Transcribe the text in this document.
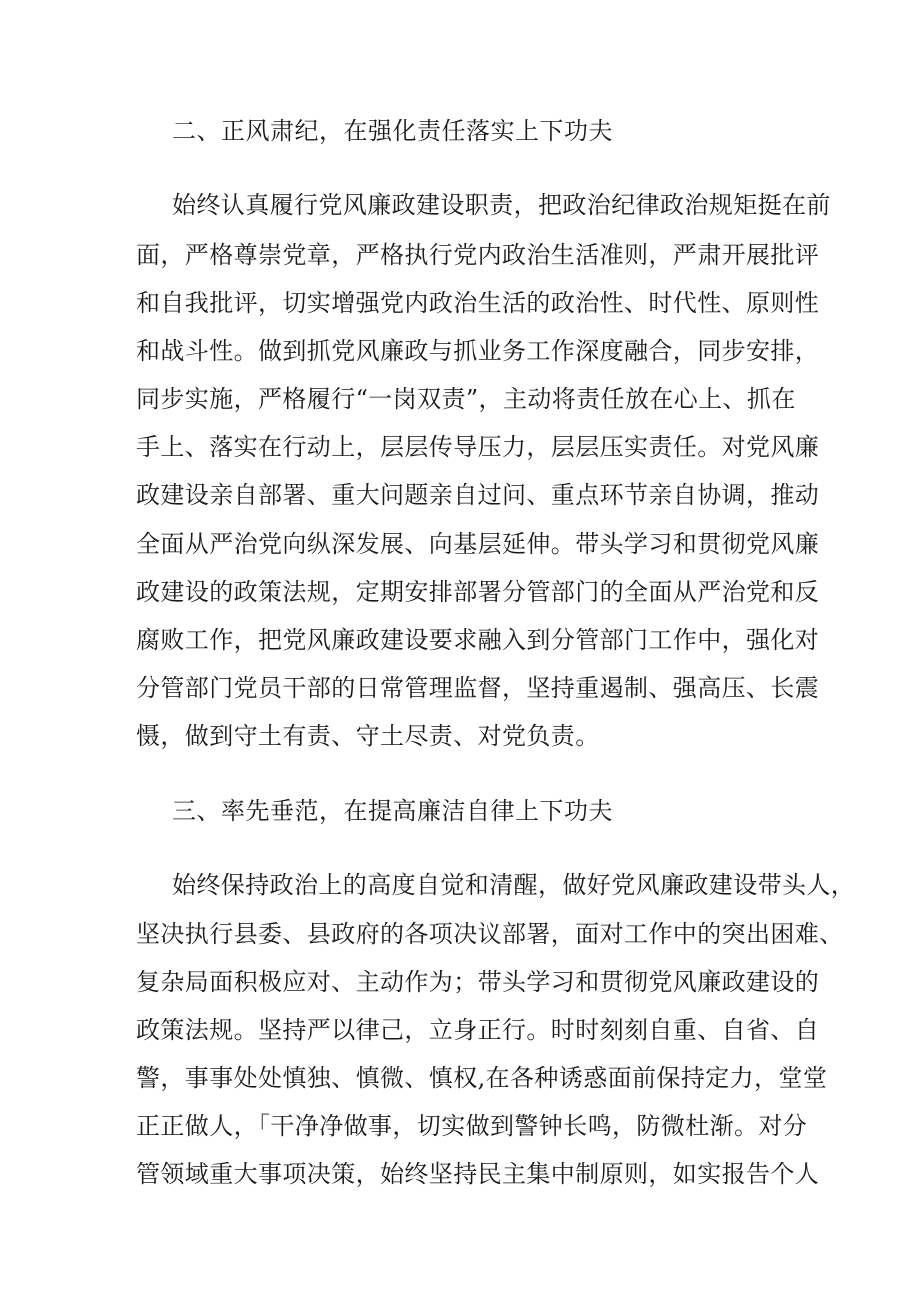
二、正风肃纪，在强化责任落实上下功夫
始终认真履行党风廉政建设职责，把政治纪律政治规矩挺在前
面，严格尊崇党章，严格执行党内政治生活准则，严肃开展批评
和自我批评，切实增强党内政治生活的政治性、时代性、原则性
和战斗性。做到抓党风廉政与抓业务工作深度融合，同步安排，
同步实施，严格履行“一岗双责”，主动将责任放在心上、抓在
手上、落实在行动上，层层传导压力，层层压实责任。对党风廉
政建设亲自部署、重大问题亲自过问、重点环节亲自协调，推动
全面从严治党向纵深发展、向基层延伸。带头学习和贯彻党风廉
政建设的政策法规，定期安排部署分管部门的全面从严治党和反
腐败工作，把党风廉政建设要求融入到分管部门工作中，强化对
分管部门党员干部的日常管理监督，坚持重遏制、强高压、长震
慑，做到守土有责、守土尽责、对党负责。
三、率先垂范，在提高廉洁自律上下功夫
始终保持政治上的高度自觉和清醒，做好党风廉政建设带头人，
坚决执行县委、县政府的各项决议部署，面对工作中的突出困难、
复杂局面积极应对、主动作为；带头学习和贯彻党风廉政建设的
政策法规。坚持严以律己，立身正行。时时刻刻自重、自省、自
警，事事处处慎独、慎微、慎权,在各种诱惑面前保持定力，堂堂
正正做人，「干净净做事，切实做到警钟长鸣，防微杜渐。对分
管领域重大事项决策，始终坚持民主集中制原则，如实报告个人
